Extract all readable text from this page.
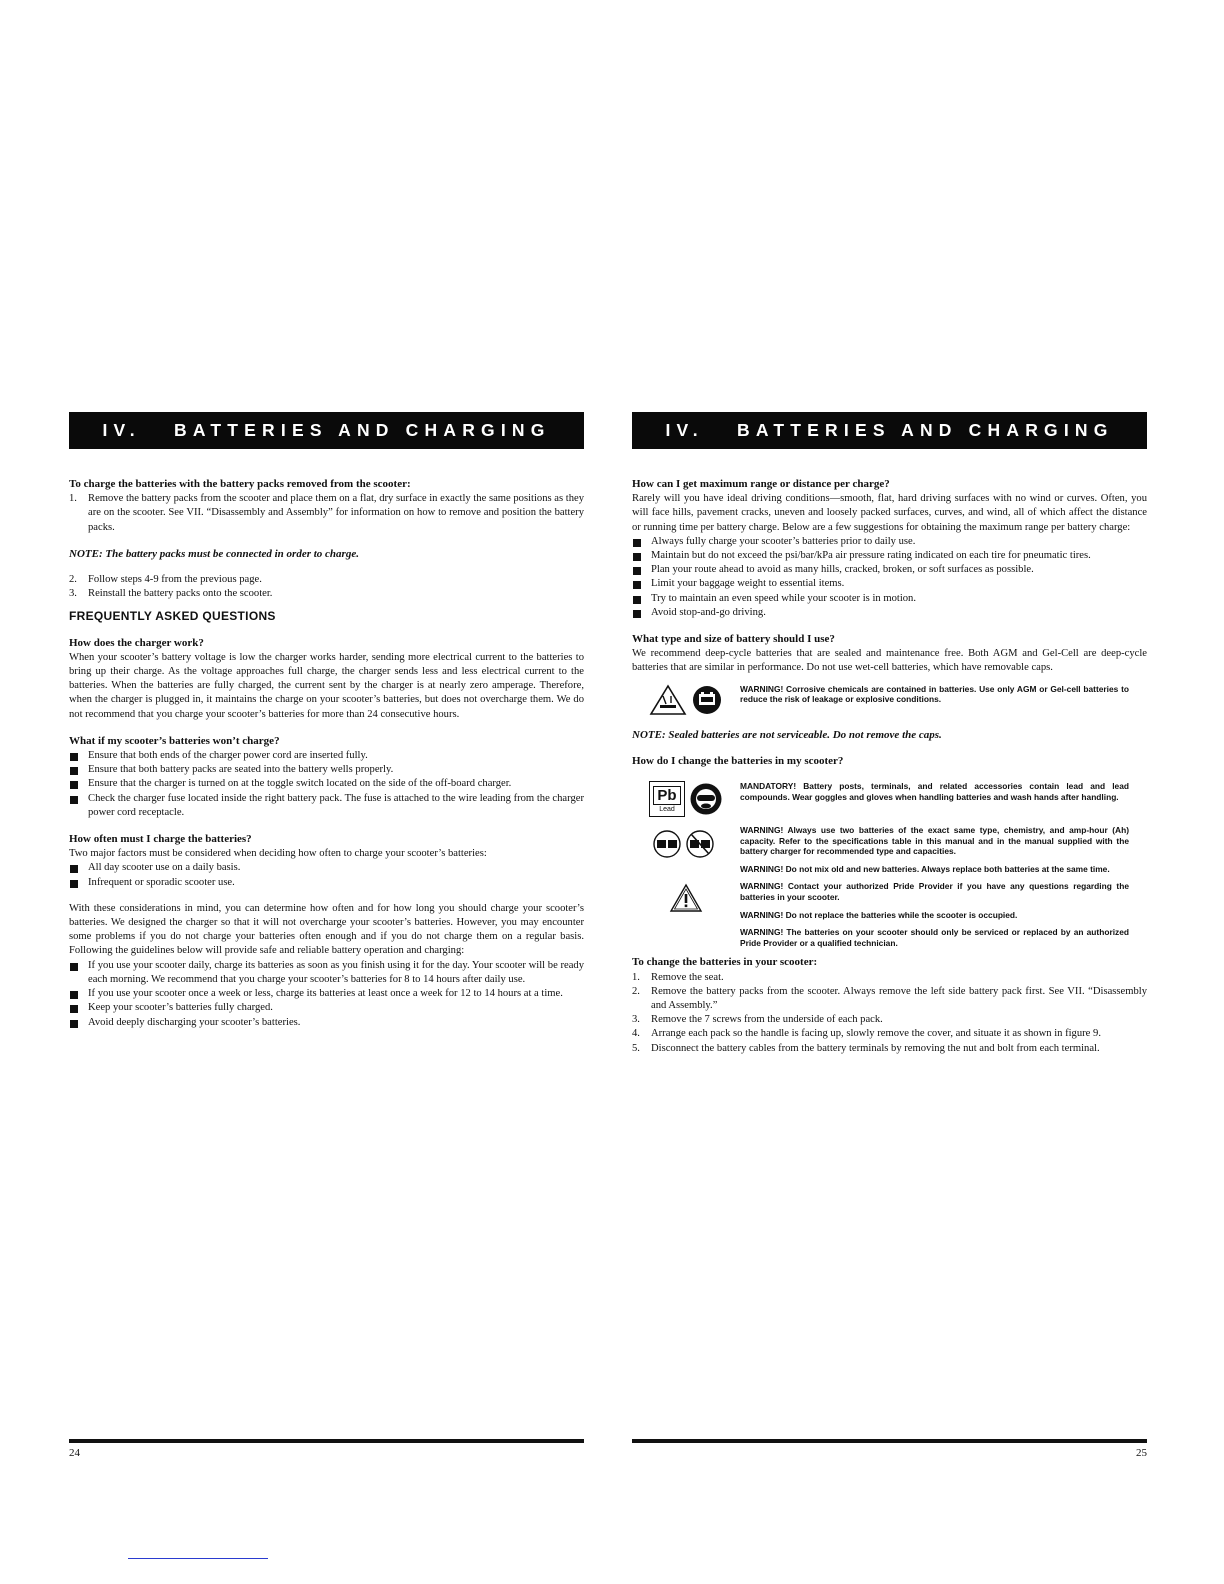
IV.   BATTERIES AND CHARGING

To charge the batteries with the battery packs removed from the scooter:

1.	Remove the battery packs from the scooter and place them on a flat, dry surface in exactly the same positions as they are on the scooter. See VII. “Disassembly and Assembly” for information on how to remove and position the battery packs.

NOTE: The battery packs must be connected in order to charge.

2.	Follow steps 4-9 from the previous page.
3.	Reinstall the battery packs onto the scooter.

FREQUENTLY ASKED QUESTIONS

How does the charger work?

When your scooter’s battery voltage is low the charger works harder, sending more electrical current to the batteries to bring up their charge. As the voltage approaches full charge, the charger sends less and less electrical current to the batteries. When the batteries are fully charged, the current sent by the charger is at nearly zero amperage. Therefore, when the charger is plugged in, it maintains the charge on your scooter’s batteries, but does not overcharge them. We do not recommend that you charge your scooter’s batteries for more than 24 consecutive hours.

What if my scooter’s batteries won’t charge?

Ensure that both ends of the charger power cord are inserted fully.
Ensure that both battery packs are seated into the battery wells properly.
Ensure that the charger is turned on at the toggle switch located on the side of the off-board charger.
Check the charger fuse located inside the right battery pack. The fuse is attached to the wire leading from the charger power cord receptacle.

How often must I charge the batteries?

Two major factors must be considered when deciding how often to charge your scooter’s batteries:

All day scooter use on a daily basis.
Infrequent or sporadic scooter use.

With these considerations in mind, you can determine how often and for how long you should charge your scooter’s batteries. We designed the charger so that it will not overcharge your scooter’s batteries. However, you may encounter some problems if you do not charge your batteries often enough and if you do not charge them on a regular basis. Following the guidelines below will provide safe and reliable battery operation and charging:

If you use your scooter daily, charge its batteries as soon as you finish using it for the day. Your scooter will be ready each morning. We recommend that you charge your scooter’s batteries for 8 to 14 hours after daily use.
If you use your scooter once a week or less, charge its batteries at least once a week for 12 to 14 hours at a time.
Keep your scooter’s batteries fully charged.
Avoid deeply discharging your scooter’s batteries.
24
IV.   BATTERIES AND CHARGING

How can I get maximum range or distance per charge?

Rarely will you have ideal driving conditions—smooth, flat, hard driving surfaces with no wind or curves. Often, you will face hills, pavement cracks, uneven and loosely packed surfaces, curves, and wind, all of which affect the distance or running time per battery charge. Below are a few suggestions for obtaining the maximum range per battery charge:

Always fully charge your scooter’s batteries prior to daily use.
Maintain but do not exceed the psi/bar/kPa air pressure rating indicated on each tire for pneumatic tires.
Plan your route ahead to avoid as many hills, cracked, broken, or soft surfaces as possible.
Limit your baggage weight to essential items.
Try to maintain an even speed while your scooter is in motion.
Avoid stop-and-go driving.

What type and size of battery should I use?

We recommend deep-cycle batteries that are sealed and maintenance free. Both AGM and Gel-Cell are deep-cycle batteries that are similar in performance. Do not use wet-cell batteries, which have removable caps.

WARNING! Corrosive chemicals are contained in batteries. Use only AGM or Gel-cell batteries to reduce the risk of leakage or explosive conditions.

NOTE: Sealed batteries are not serviceable. Do not remove the caps.

How do I change the batteries in my scooter?

Pb
Lead
MANDATORY! Battery posts, terminals, and related accessories contain lead and lead compounds. Wear goggles and gloves when handling batteries and wash hands after handling.
WARNING! Always use two batteries of the exact same type, chemistry, and amp-hour (Ah) capacity. Refer to the specifications table in this manual and in the manual supplied with the battery charger for recommended type and capacities.
WARNING! Do not mix old and new batteries. Always replace both batteries at the same time.
WARNING! Contact your authorized Pride Provider if you have any questions regarding the batteries in your scooter.
WARNING! Do not replace the batteries while the scooter is occupied.
WARNING! The batteries on your scooter should only be serviced or replaced by an authorized Pride Provider or a qualified technician.

To change the batteries in your scooter:

1.	Remove the seat.
2.	Remove the battery packs from the scooter. Always remove the left side battery pack first. See VII. “Disassembly and Assembly.”
3.	Remove the 7 screws from the underside of each pack.
4.	Arrange each pack so the handle is facing up, slowly remove the cover, and situate it as shown in figure 9.
5.	Disconnect the battery cables from the battery terminals by removing the nut and bolt from each terminal.
25
